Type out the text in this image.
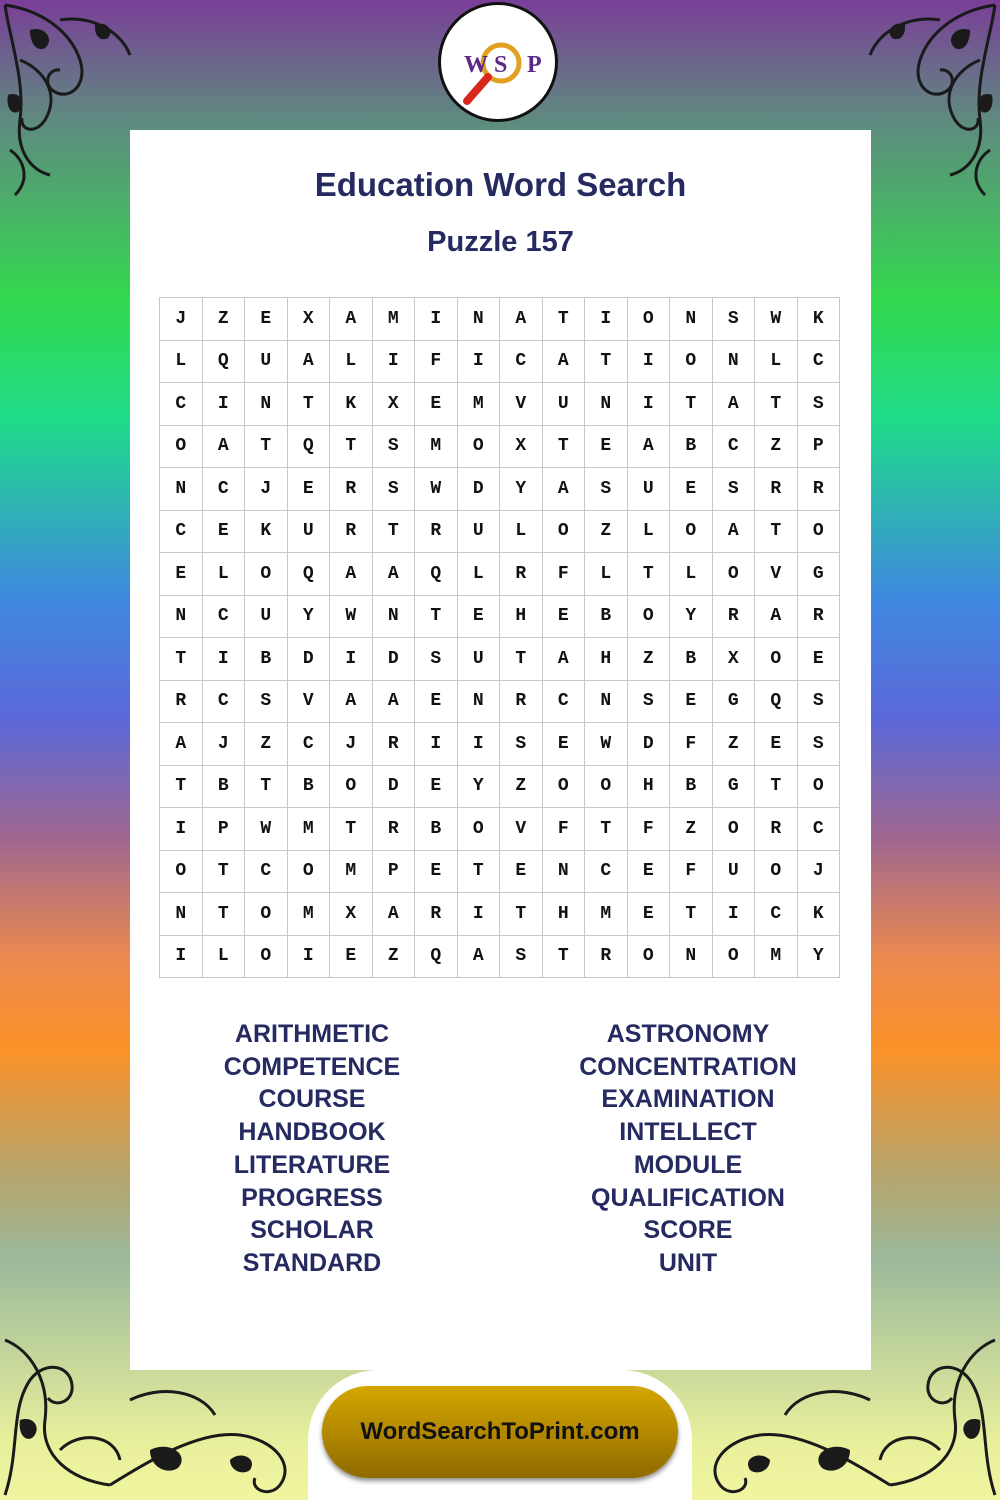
W S P
Education Word Search
Puzzle 157
J	Z	E	X	A	M	I	N	A	T	I	O	N	S	W	K
L	Q	U	A	L	I	F	I	C	A	T	I	O	N	L	C
C	I	N	T	K	X	E	M	V	U	N	I	T	A	T	S
O	A	T	Q	T	S	M	O	X	T	E	A	B	C	Z	P
N	C	J	E	R	S	W	D	Y	A	S	U	E	S	R	R
C	E	K	U	R	T	R	U	L	O	Z	L	O	A	T	O
E	L	O	Q	A	A	Q	L	R	F	L	T	L	O	V	G
N	C	U	Y	W	N	T	E	H	E	B	O	Y	R	A	R
T	I	B	D	I	D	S	U	T	A	H	Z	B	X	O	E
R	C	S	V	A	A	E	N	R	C	N	S	E	G	Q	S
A	J	Z	C	J	R	I	I	S	E	W	D	F	Z	E	S
T	B	T	B	O	D	E	Y	Z	O	O	H	B	G	T	O
I	P	W	M	T	R	B	O	V	F	T	F	Z	O	R	C
O	T	C	O	M	P	E	T	E	N	C	E	F	U	O	J
N	T	O	M	X	A	R	I	T	H	M	E	T	I	C	K
I	L	O	I	E	Z	Q	A	S	T	R	O	N	O	M	Y
ARITHMETIC
COMPETENCE
COURSE
HANDBOOK
LITERATURE
PROGRESS
SCHOLAR
STANDARD
ASTRONOMY
CONCENTRATION
EXAMINATION
INTELLECT
MODULE
QUALIFICATION
SCORE
UNIT
WordSearchToPrint.com
